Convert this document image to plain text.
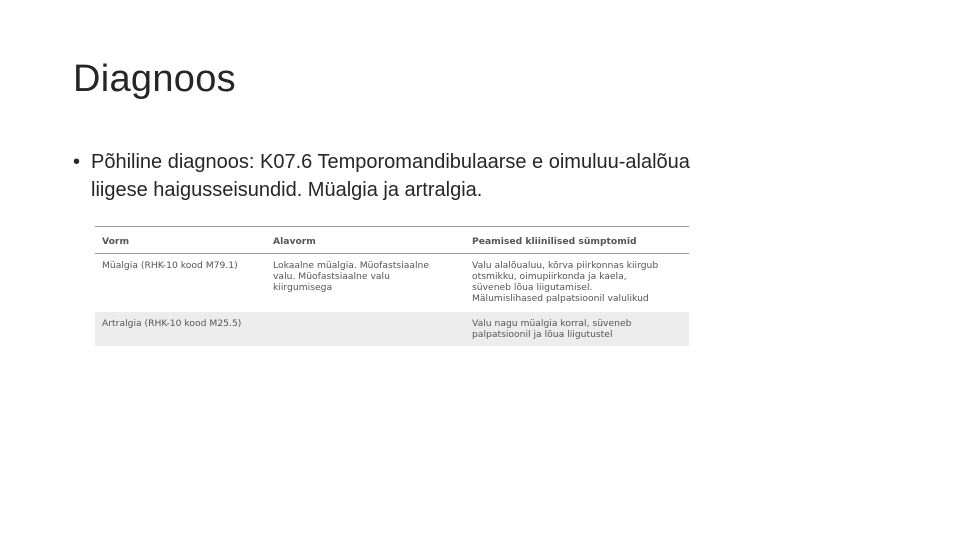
Diagnoos
• Põhiline diagnoos: K07.6 Temporomandibulaarse e oimuluu-alalõua
liigese haigusseisundid. Müalgia ja artralgia.
Vorm	Alavorm	Peamised kliinilised sümptomid
Müalgia (RHK-10 kood M79.1)	Lokaalne müalgia. Müofastsiaalne
valu. Müofastsiaalne valu
kiirgumisega	Valu alalõualuu, kõrva piirkonnas kiirgub
otsmikku, oimupiirkonda ja kaela,
süveneb lõua liigutamisel.
Mälumislihased palpatsioonil valulikud
Artralgia (RHK-10 kood M25.5)		Valu nagu müalgia korral, süveneb
palpatsioonil ja lõua liigutustel
